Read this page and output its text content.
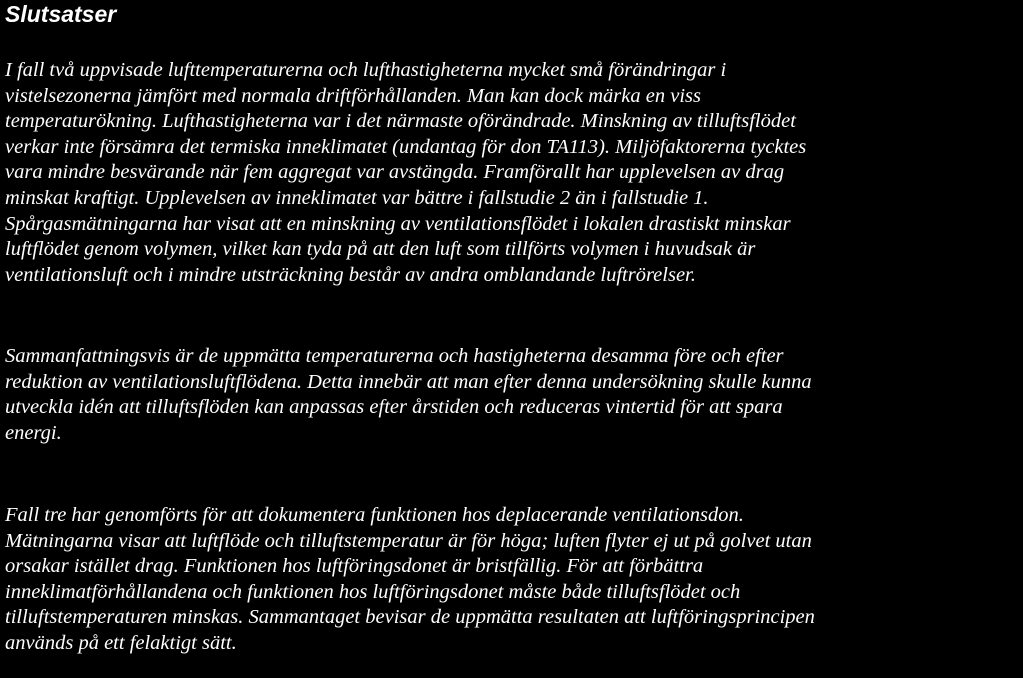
Slutsatser

I fall två uppvisade lufttemperaturerna och lufthastigheterna mycket små förändringar i
vistelsezonerna jämfört med normala driftförhållanden. Man kan dock märka en viss
temperaturökning. Lufthastigheterna var i det närmaste oförändrade. Minskning av tilluftsflödet
verkar inte försämra det termiska inneklimatet (undantag för don TA113). Miljöfaktorerna tycktes
vara mindre besvärande när fem aggregat var avstängda. Framförallt har upplevelsen av drag
minskat kraftigt. Upplevelsen av inneklimatet var bättre i fallstudie 2 än i fallstudie 1.
Spårgasmätningarna har visat att en minskning av ventilationsflödet i lokalen drastiskt minskar
luftflödet genom volymen, vilket kan tyda på att den luft som tillförts volymen i huvudsak är
ventilationsluft och i mindre utsträckning består av andra omblandande luftrörelser.

Sammanfattningsvis är de uppmätta temperaturerna och hastigheterna desamma före och efter
reduktion av ventilationsluftflödena. Detta innebär att man efter denna undersökning skulle kunna
utveckla idén att tilluftsflöden kan anpassas efter årstiden och reduceras vintertid för att spara
energi.

Fall tre har genomförts för att dokumentera funktionen hos deplacerande ventilationsdon.
Mätningarna visar att luftflöde och tilluftstemperatur är för höga; luften flyter ej ut på golvet utan
orsakar istället drag. Funktionen hos luftföringsdonet är bristfällig. För att förbättra
inneklimatförhållandena och funktionen hos luftföringsdonet måste både tilluftsflödet och
tilluftstemperaturen minskas. Sammantaget bevisar de uppmätta resultaten att luftföringsprincipen
används på ett felaktigt sätt.
